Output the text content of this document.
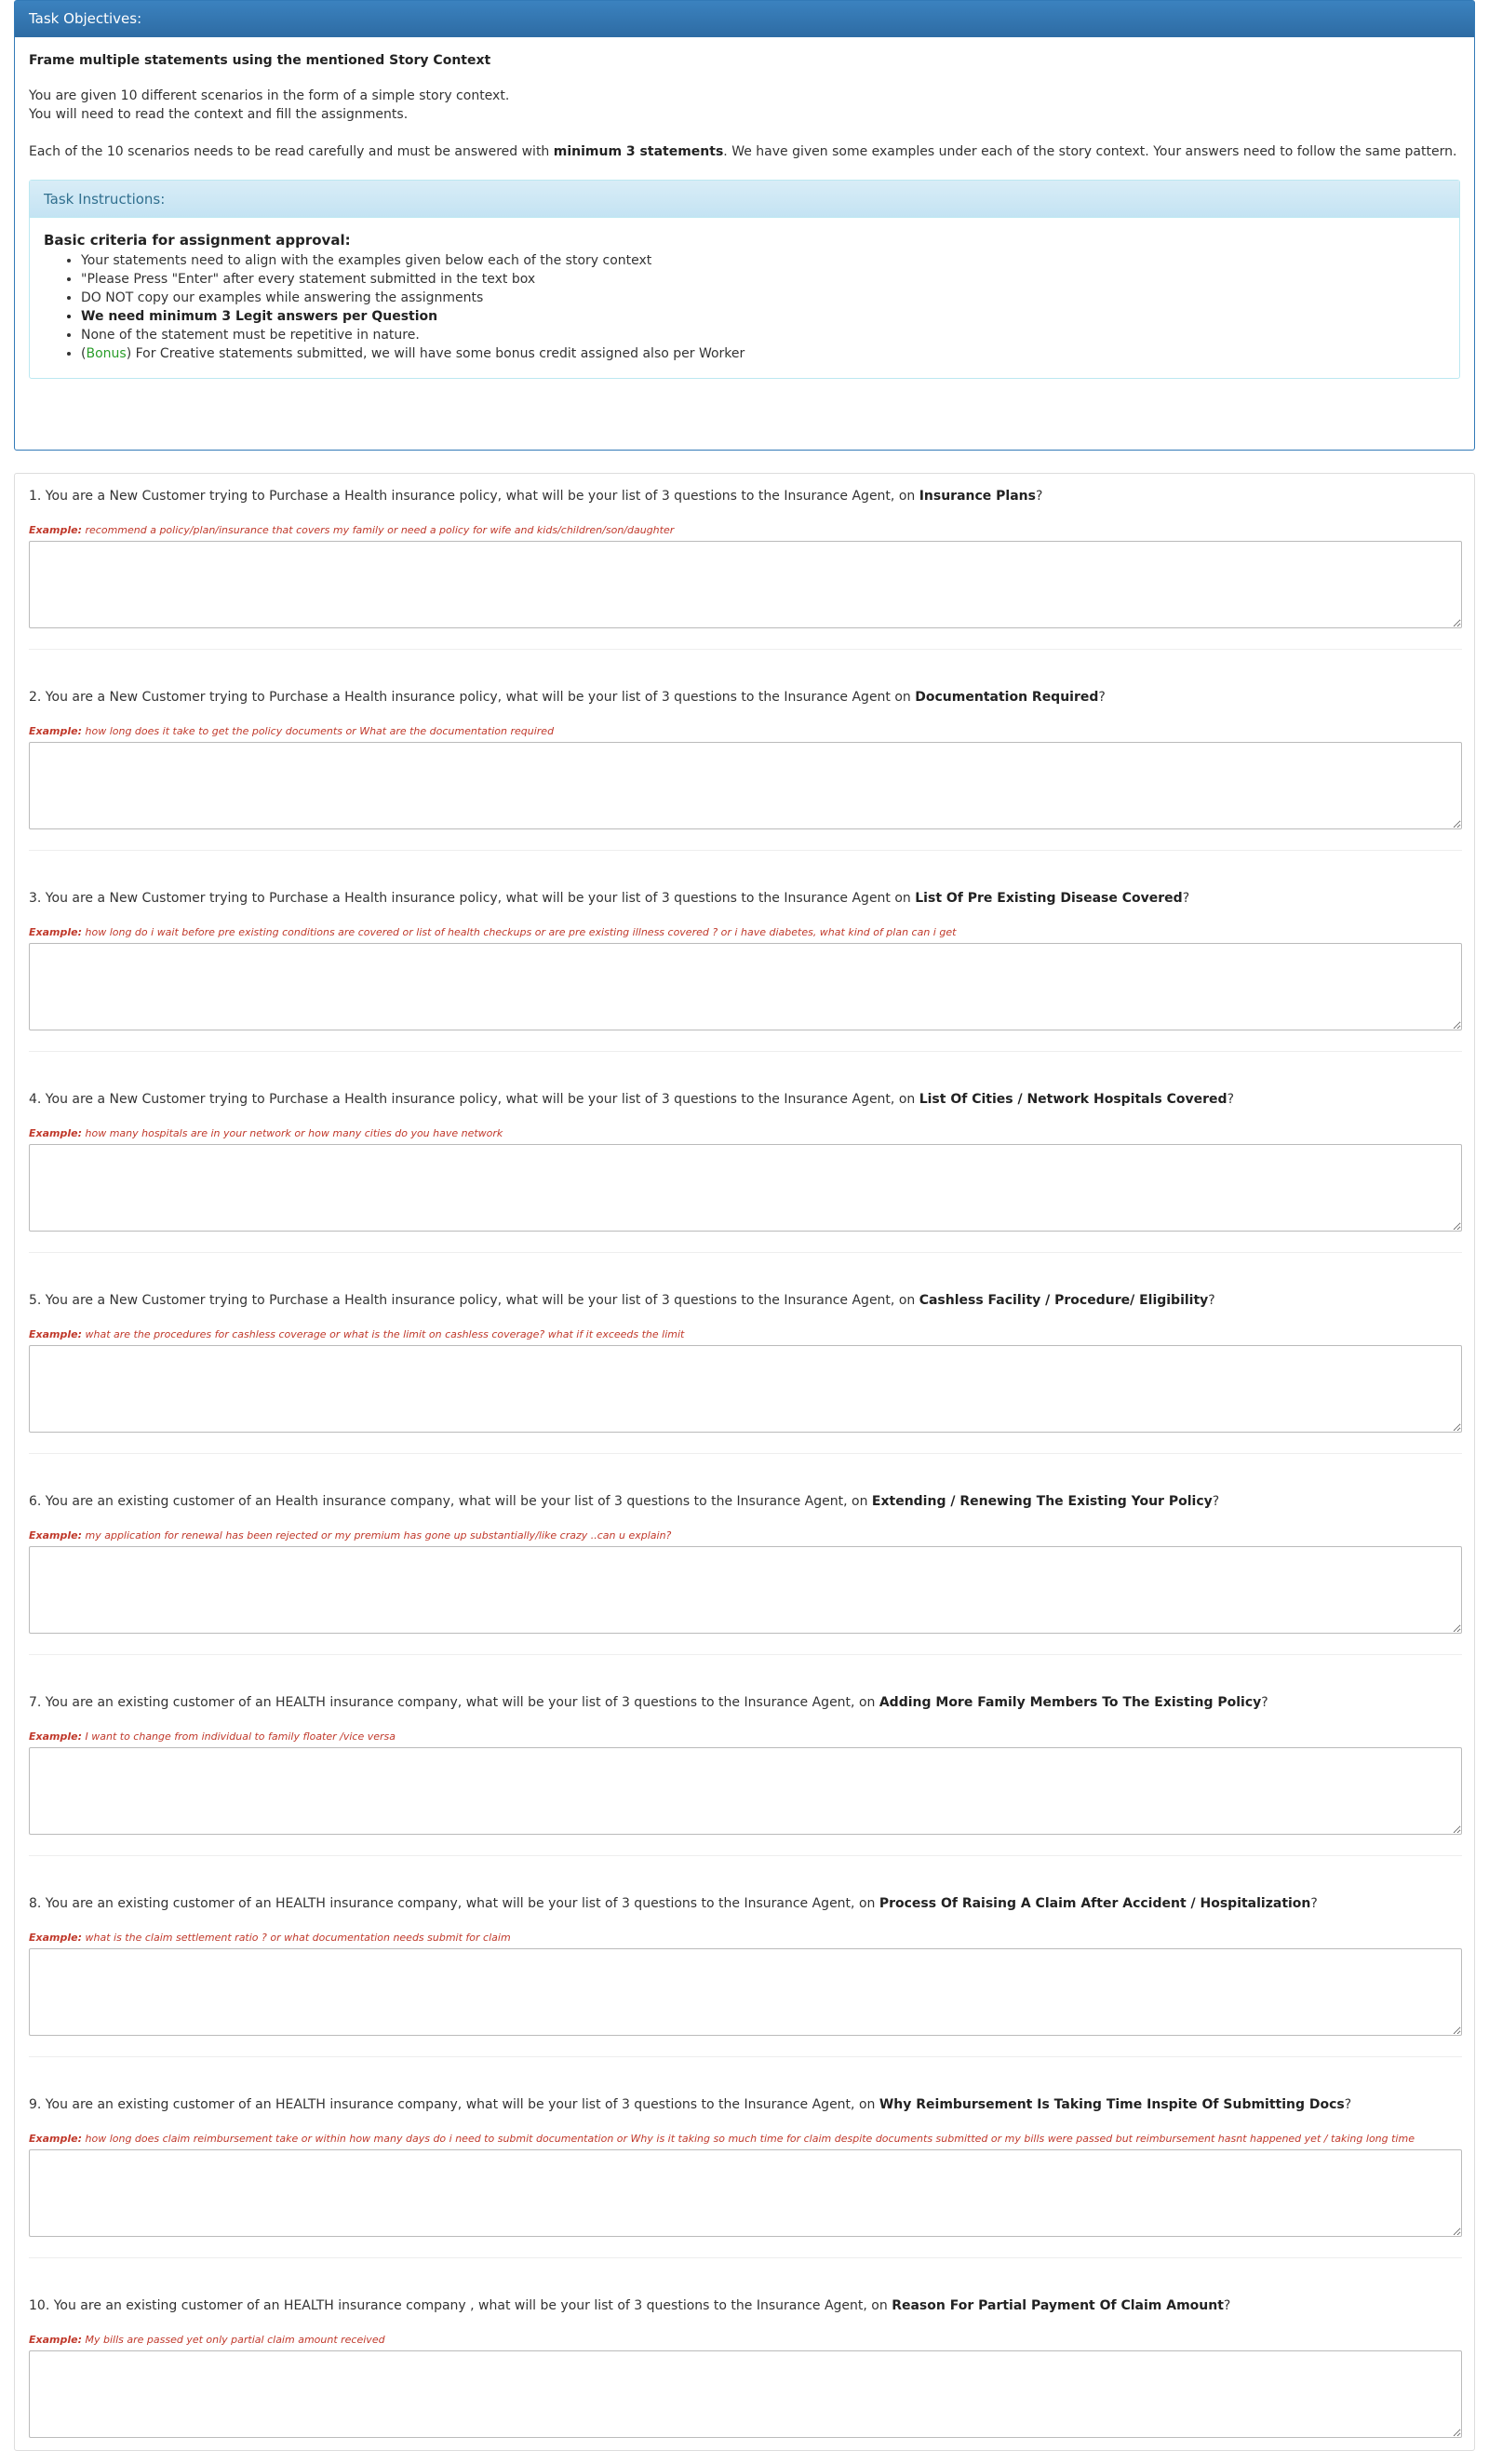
Task Objectives:

Frame multiple statements using the mentioned Story Context

You are given 10 different scenarios in the form of a simple story context.

You will need to read the context and fill the assignments.

Each of the 10 scenarios needs to be read carefully and must be answered with minimum 3 statements. We have given some examples under each of the story context. Your answers need to follow the same pattern.

Task Instructions:

Basic criteria for assignment approval:

• Your statements need to align with the examples given below each of the story context
• "Please Press "Enter" after every statement submitted in the text box
• DO NOT copy our examples while answering the assignments
• We need minimum 3 Legit answers per Question
• None of the statement must be repetitive in nature.
• (Bonus) For Creative statements submitted, we will have some bonus credit assigned also per Worker

1. You are a New Customer trying to Purchase a Health insurance policy, what will be your list of 3 questions to the Insurance Agent, on Insurance Plans?

Example: recommend a policy/plan/insurance that covers my family or need a policy for wife and kids/children/son/daughter

2. You are a New Customer trying to Purchase a Health insurance policy, what will be your list of 3 questions to the Insurance Agent on Documentation Required?

Example: how long does it take to get the policy documents or What are the documentation required

3. You are a New Customer trying to Purchase a Health insurance policy, what will be your list of 3 questions to the Insurance Agent on List Of Pre Existing Disease Covered?

Example: how long do i wait before pre existing conditions are covered or list of health checkups or are pre existing illness covered ? or i have diabetes, what kind of plan can i get

4. You are a New Customer trying to Purchase a Health insurance policy, what will be your list of 3 questions to the Insurance Agent, on List Of Cities / Network Hospitals Covered?

Example: how many hospitals are in your network or how many cities do you have network

5. You are a New Customer trying to Purchase a Health insurance policy, what will be your list of 3 questions to the Insurance Agent, on Cashless Facility / Procedure/ Eligibility?

Example: what are the procedures for cashless coverage or what is the limit on cashless coverage? what if it exceeds the limit

6. You are an existing customer of an Health insurance company, what will be your list of 3 questions to the Insurance Agent, on Extending / Renewing The Existing Your Policy?

Example: my application for renewal has been rejected or my premium has gone up substantially/like crazy ..can u explain?

7. You are an existing customer of an HEALTH insurance company, what will be your list of 3 questions to the Insurance Agent, on Adding More Family Members To The Existing Policy?

Example: I want to change from individual to family floater /vice versa

8. You are an existing customer of an HEALTH insurance company, what will be your list of 3 questions to the Insurance Agent, on Process Of Raising A Claim After Accident / Hospitalization?

Example: what is the claim settlement ratio ? or what documentation needs submit for claim

9. You are an existing customer of an HEALTH insurance company, what will be your list of 3 questions to the Insurance Agent, on Why Reimbursement Is Taking Time Inspite Of Submitting Docs?

Example: how long does claim reimbursement take or within how many days do i need to submit documentation or Why is it taking so much time for claim despite documents submitted or my bills were passed but reimbursement hasnt happened yet / taking long time

10. You are an existing customer of an HEALTH insurance company , what will be your list of 3 questions to the Insurance Agent, on Reason For Partial Payment Of Claim Amount?

Example: My bills are passed yet only partial claim amount received
